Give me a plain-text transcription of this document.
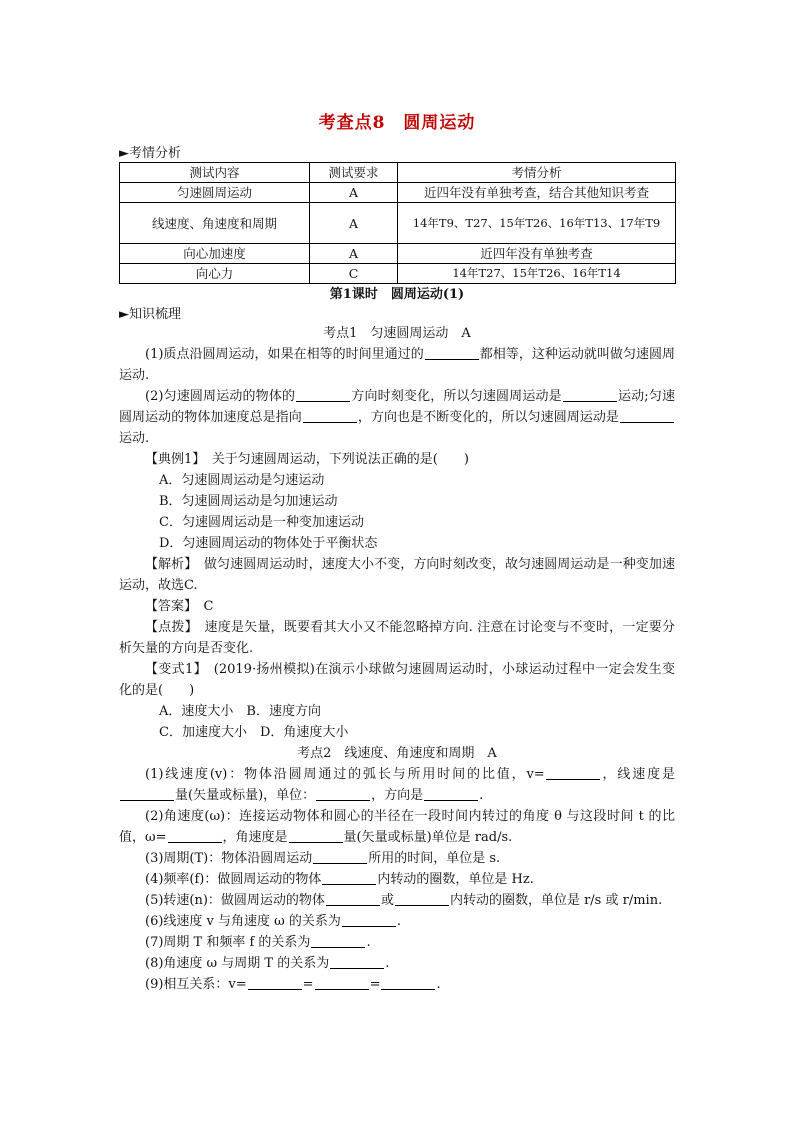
考查点8　圆周运动
►考情分析
测试内容	测试要求	考情分析
匀速圆周运动	A	近四年没有单独考查，结合其他知识考查
线速度、角速度和周期	A	14年T9、T27、15年T26、16年T13、17年T9
向心加速度	A	近四年没有单独考查
向心力	C	14年T27、15年T26、16年T14
第1课时　圆周运动(1)
►知识梳理
考点1　匀速圆周运动　A

(1)质点沿圆周运动，如果在相等的时间里通过的	都相等，这种运动就叫做匀速圆周运动.

(2)匀速圆周运动的物体的	方向时刻变化，所以匀速圆周运动是	运动;匀速圆周运动的物体加速度总是指向	，方向也是不断变化的，所以匀速圆周运动是运动.

【典例1】　关于匀速圆周运动，下列说法正确的是(　　)

A．匀速圆周运动是匀速运动

B．匀速圆周运动是匀加速运动

C．匀速圆周运动是一种变加速运动

D．匀速圆周运动的物体处于平衡状态

【解析】　做匀速圆周运动时，速度大小不变，方向时刻改变，故匀速圆周运动是一种变加速运动，故选C.

【答案】　C

【点拨】　速度是矢量，既要看其大小又不能忽略掉方向. 注意在讨论变与不变时，一定要分析矢量的方向是否变化.

【变式1】　(2019·扬州模拟)在演示小球做匀速圆周运动时，小球运动过程中一定会发生变化的是(　　)

A．速度大小　B．速度方向

C．加速度大小　D．角速度大小

考点2　线速度、角速度和周期　A

(1)线速度(v)：物体沿圆周通过的弧长与所用时间的比值，v=	，线速度是量(矢量或标量)，单位：	，方向是	.

(2)角速度(ω)：连接运动物体和圆心的半径在一段时间内转过的角度 θ 与这段时间 t 的比值，ω=	，角速度是	量(矢量或标量)单位是 rad/s.

(3)周期(T)：物体沿圆周运动	所用的时间，单位是 s.

(4)频率(f)：做圆周运动的物体	内转动的圈数，单位是 Hz.

(5)转速(n)：做圆周运动的物体	或	内转动的圈数，单位是 r/s 或 r/min.

(6)线速度 v 与角速度 ω 的关系为	.

(7)周期 T 和频率 f 的关系为	.

(8)角速度 ω 与周期 T 的关系为	.

(9)相互关系：v=	=	=	.
